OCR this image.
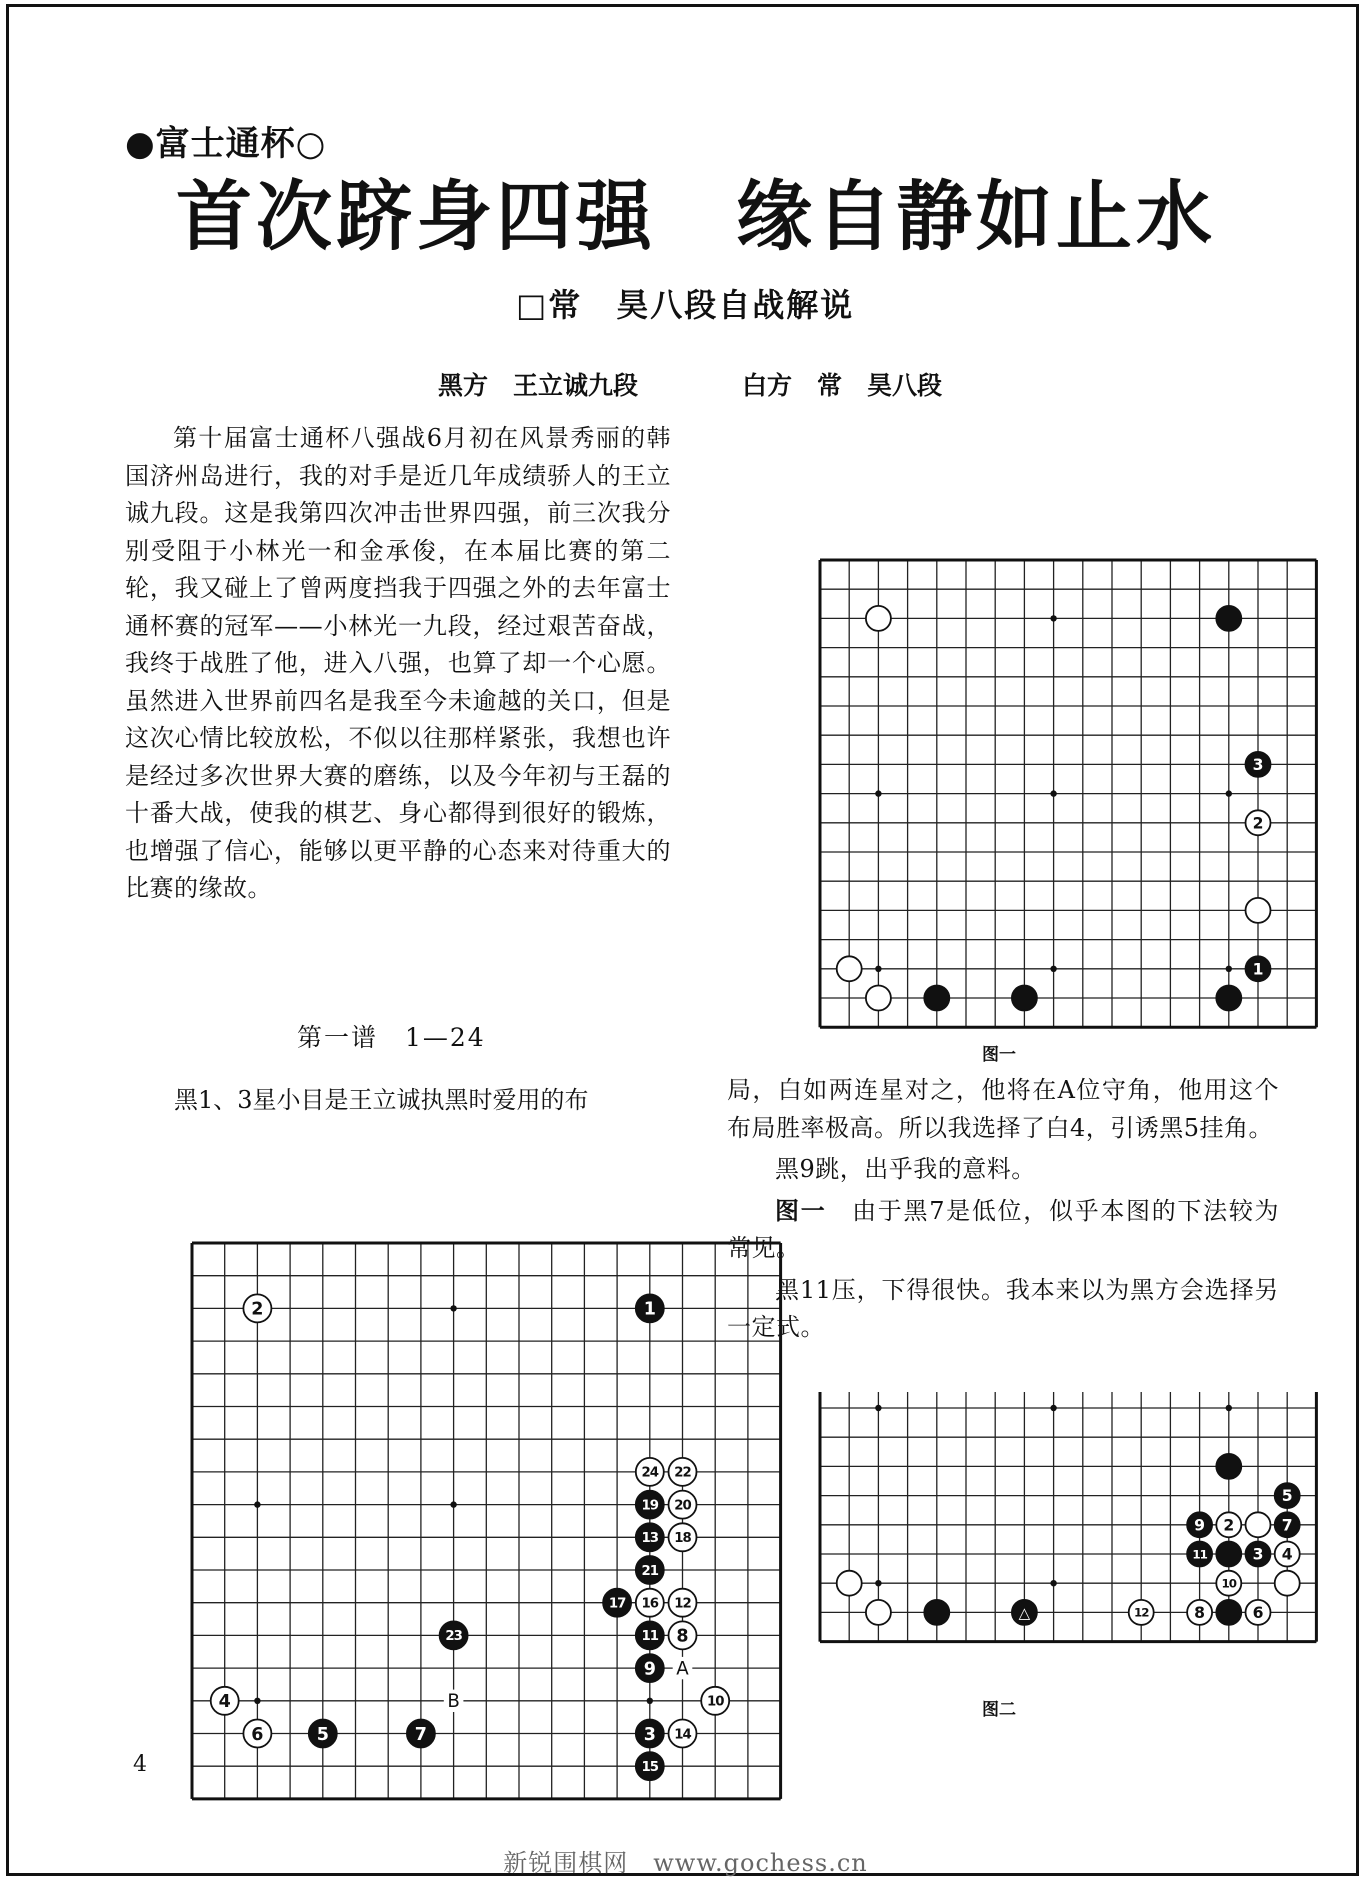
●富士通杯○
首次跻身四强　缘自静如止水
□常　昊八段自战解说
黑方　王立诚九段	白方　常　昊八段

第十届富士通杯八强战6月初在风景秀丽的韩国济州岛进行，我的对手是近几年成绩骄人的王立诚九段。这是我第四次冲击世界四强，前三次我分别受阻于小林光一和金承俊，在本届比赛的第二轮，我又碰上了曾两度挡我于四强之外的去年富士通杯赛的冠军——小林光一九段，经过艰苦奋战，我终于战胜了他，进入八强，也算了却一个心愿。虽然进入世界前四名是我至今未逾越的关口，但是这次心情比较放松，不似以往那样紧张，我想也许是经过多次世界大赛的磨练，以及今年初与王磊的十番大战，使我的棋艺、身心都得到很好的锻炼，也增强了信心，能够以更平静的心态来对待重大的比赛的缘故。

第一谱　1—24
黑1、3星小目是王立诚执黑时爱用的布
3
2
1
图一

局，白如两连星对之，他将在A位守角，他用这个布局胜率极高。所以我选择了白4，引诱黑5挂角。

黑9跳，出乎我的意料。

图一　 由于黑7是低位，似乎本图的下法较为常见。

黑11压，下得很快。我本来以为黑方会选择另一定式。

A
B
2	1
24 22
19 20
13 18
21
17 16 12
23	11 8
9
4	10
6	5	7	3 14
15
5
9 2	7
11	3 4
10
△	12	8	6
图二
4
新锐围棋网　www.gochess.cn
